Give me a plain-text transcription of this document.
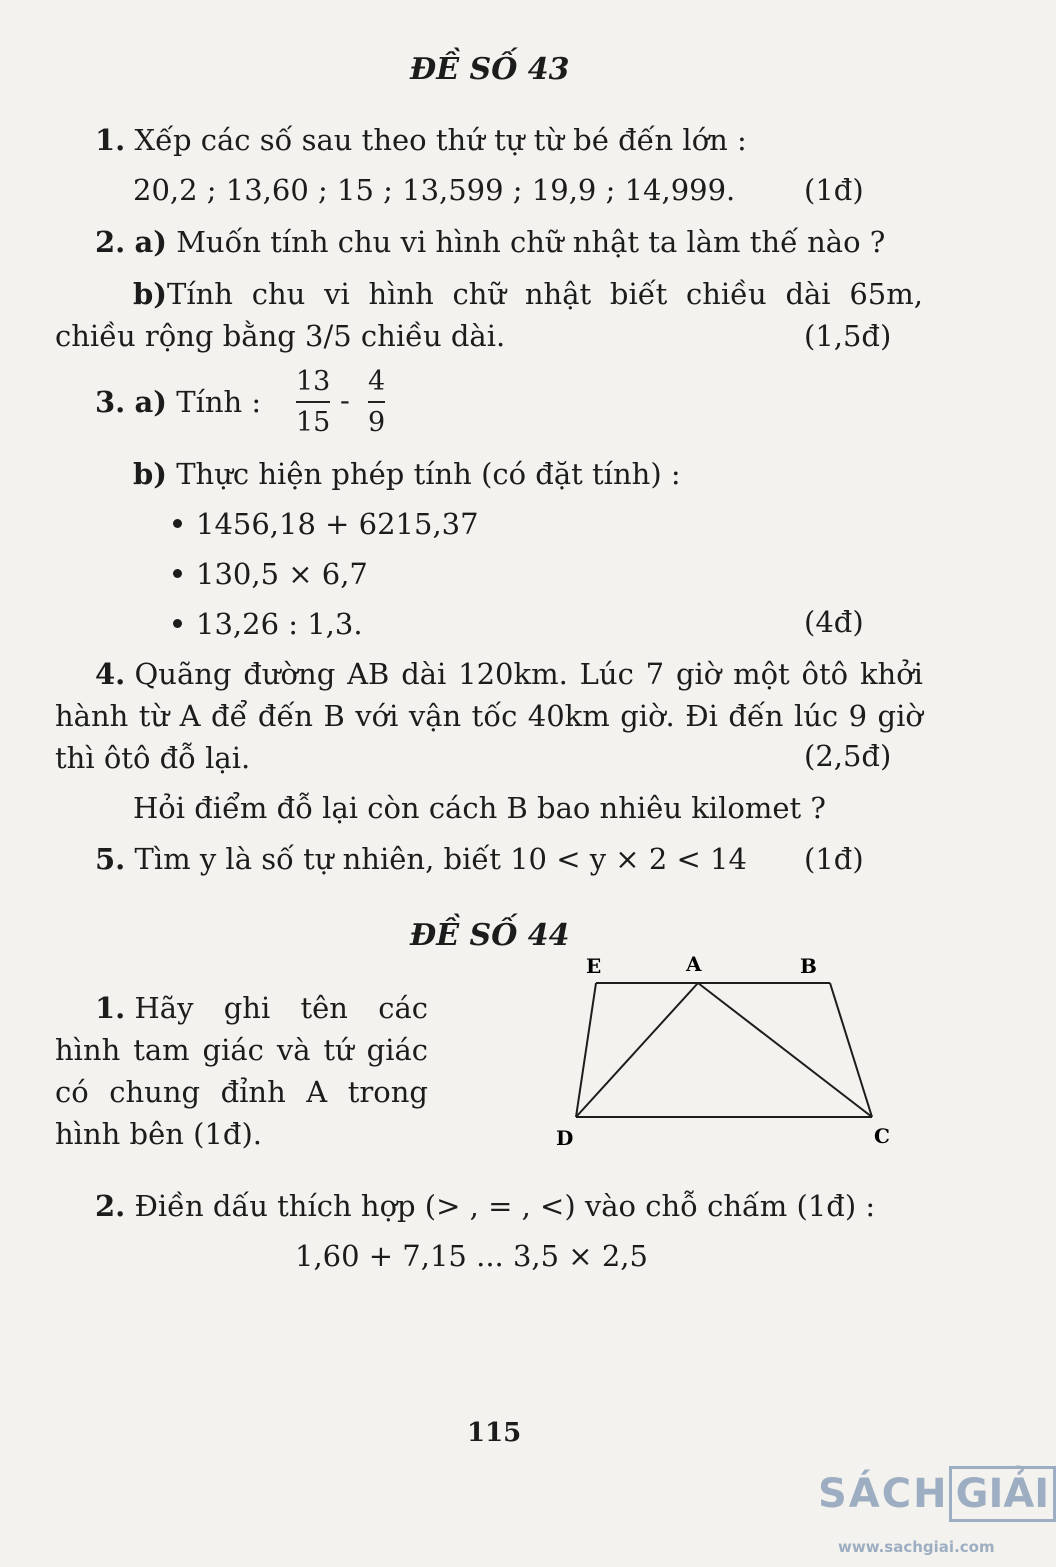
ĐỀ SỐ 43
1. Xếp các số sau theo thứ tự từ bé đến lớn :
20,2 ; 13,60 ; 15 ; 13,599 ; 19,9 ; 14,999. (1đ)
2. a) Muốn tính chu vi hình chữ nhật ta làm thế nào ?
b)Tính chu vi hình chữ nhật biết chiều dài 65m,
chiều rộng bằng 3/5 chiều dài.	(1,5đ)
3. a) Tính :
13
15
-
4
9
b) Thực hiện phép tính (có đặt tính) :
1456,18 + 6215,37
130,5 × 6,7
13,26 : 1,3.	(4đ)
4. Quãng đường AB dài 120km. Lúc 7 giờ một ôtô khởi
hành từ A để đến B với vận tốc 40km giờ. Đi đến lúc 9 giờ
thì ôtô đỗ lại.	(2,5đ)
Hỏi điểm đỗ lại còn cách B bao nhiêu kilomet ?
5. Tìm y là số tự nhiên, biết 10 < y × 2 < 14 (1đ)
ĐỀ SỐ 44
1. Hãy ghi tên các
hình tam giác và tứ giác
có chung đỉnh A trong
hình bên (1đ).
E	A	B
D	C
2. Điền dấu thích hợp (> , = , <) vào chỗ chấm (1đ) :
1,60 + 7,15 ... 3,5 × 2,5
115
SÁCH GIẢI
www.sachgiai.com
